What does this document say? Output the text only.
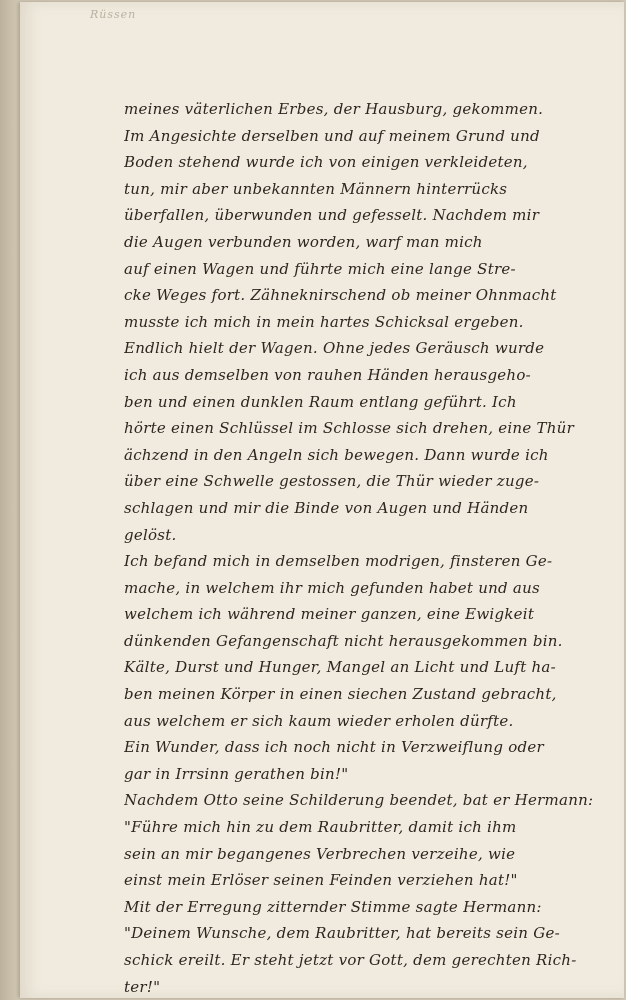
Rüssen
meines väterlichen Erbes, der Hausburg, gekommen.
Im Angesichte derselben und auf meinem Grund und
Boden stehend wurde ich von einigen verkleideten,
tun, mir aber unbekannten Männern hinterrücks
überfallen, überwunden und gefesselt. Nachdem mir
die Augen verbunden worden, warf man mich
auf einen Wagen und führte mich eine lange Stre-
cke Weges fort. Zähneknirschend ob meiner Ohnmacht
musste ich mich in mein hartes Schicksal ergeben.
Endlich hielt der Wagen. Ohne jedes Geräusch wurde
ich aus demselben von rauhen Händen herausgeho-
ben und einen dunklen Raum entlang geführt. Ich
hörte einen Schlüssel im Schlosse sich drehen, eine Thür
ächzend in den Angeln sich bewegen. Dann wurde ich
über eine Schwelle gestossen, die Thür wieder zuge-
schlagen und mir die Binde von Augen und Händen
gelöst.
Ich befand mich in demselben modrigen, finsteren Ge-
mache, in welchem ihr mich gefunden habet und aus
welchem ich während meiner ganzen, eine Ewigkeit
dünkenden Gefangenschaft nicht herausgekommen bin.
Kälte, Durst und Hunger, Mangel an Licht und Luft ha-
ben meinen Körper in einen siechen Zustand gebracht,
aus welchem er sich kaum wieder erholen dürfte.
Ein Wunder, dass ich noch nicht in Verzweiflung oder
gar in Irrsinn gerathen bin!"
Nachdem Otto seine Schilderung beendet, bat er Hermann:
"Führe mich hin zu dem Raubritter, damit ich ihm
sein an mir begangenes Verbrechen verzeihe, wie
einst mein Erlöser seinen Feinden verziehen hat!"
Mit der Erregung zitternder Stimme sagte Hermann:
"Deinem Wunsche, dem Raubritter, hat bereits sein Ge-
schick ereilt. Er steht jetzt vor Gott, dem gerechten Rich-
ter!"
